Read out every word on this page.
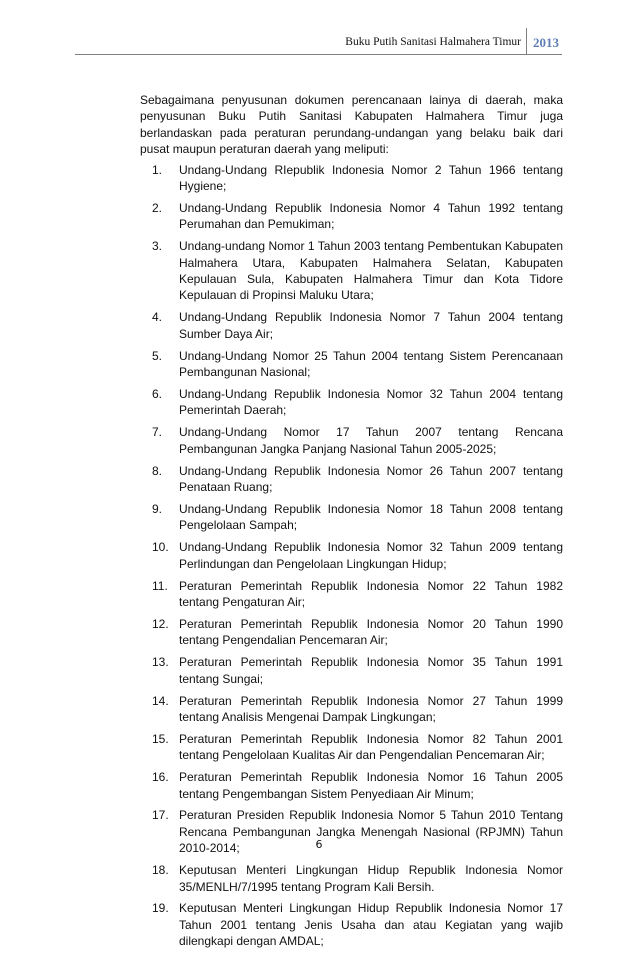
Buku Putih Sanitasi Halmahera Timur 2013

Sebagaimana penyusunan dokumen perencanaan lainya di daerah, maka penyusunan Buku Putih Sanitasi Kabupaten Halmahera Timur juga berlandaskan pada peraturan perundang-undangan yang belaku baik dari pusat maupun peraturan daerah yang meliputi:

1. Undang-Undang RIepublik Indonesia Nomor 2 Tahun 1966 tentang Hygiene;
2. Undang-Undang Republik Indonesia Nomor 4 Tahun 1992 tentang Perumahan dan Pemukiman;
3. Undang-undang Nomor 1 Tahun 2003 tentang Pembentukan Kabupaten Halmahera Utara, Kabupaten Halmahera Selatan, Kabupaten Kepulauan Sula, Kabupaten Halmahera Timur dan Kota Tidore Kepulauan di Propinsi Maluku Utara;
4. Undang-Undang Republik Indonesia Nomor 7 Tahun 2004 tentang Sumber Daya Air;
5. Undang-Undang Nomor 25 Tahun 2004 tentang Sistem Perencanaan Pembangunan Nasional;
6. Undang-Undang Republik Indonesia Nomor 32 Tahun 2004 tentang Pemerintah Daerah;
7. Undang-Undang Nomor 17 Tahun 2007 tentang Rencana Pembangunan Jangka Panjang Nasional Tahun 2005-2025;
8. Undang-Undang Republik Indonesia Nomor 26 Tahun 2007 tentang Penataan Ruang;
9. Undang-Undang Republik Indonesia Nomor 18 Tahun 2008 tentang Pengelolaan Sampah;
10. Undang-Undang Republik Indonesia Nomor 32 Tahun 2009 tentang Perlindungan dan Pengelolaan Lingkungan Hidup;
11. Peraturan Pemerintah Republik Indonesia Nomor 22 Tahun 1982 tentang Pengaturan Air;
12. Peraturan Pemerintah Republik Indonesia Nomor 20 Tahun 1990 tentang Pengendalian Pencemaran Air;
13. Peraturan Pemerintah Republik Indonesia Nomor 35 Tahun 1991 tentang Sungai;
14. Peraturan Pemerintah Republik Indonesia Nomor 27 Tahun 1999 tentang Analisis Mengenai Dampak Lingkungan;
15. Peraturan Pemerintah Republik Indonesia Nomor 82 Tahun 2001 tentang Pengelolaan Kualitas Air dan Pengendalian Pencemaran Air;
16. Peraturan Pemerintah Republik Indonesia Nomor 16 Tahun 2005 tentang Pengembangan Sistem Penyediaan Air Minum;
17. Peraturan Presiden Republik Indonesia Nomor 5 Tahun 2010 Tentang Rencana Pembangunan Jangka Menengah Nasional (RPJMN) Tahun 2010-2014;
18. Keputusan Menteri Lingkungan Hidup Republik Indonesia Nomor 35/MENLH/7/1995 tentang Program Kali Bersih.
19. Keputusan Menteri Lingkungan Hidup Republik Indonesia Nomor 17 Tahun 2001 tentang Jenis Usaha dan atau Kegiatan yang wajib dilengkapi dengan AMDAL;
6
